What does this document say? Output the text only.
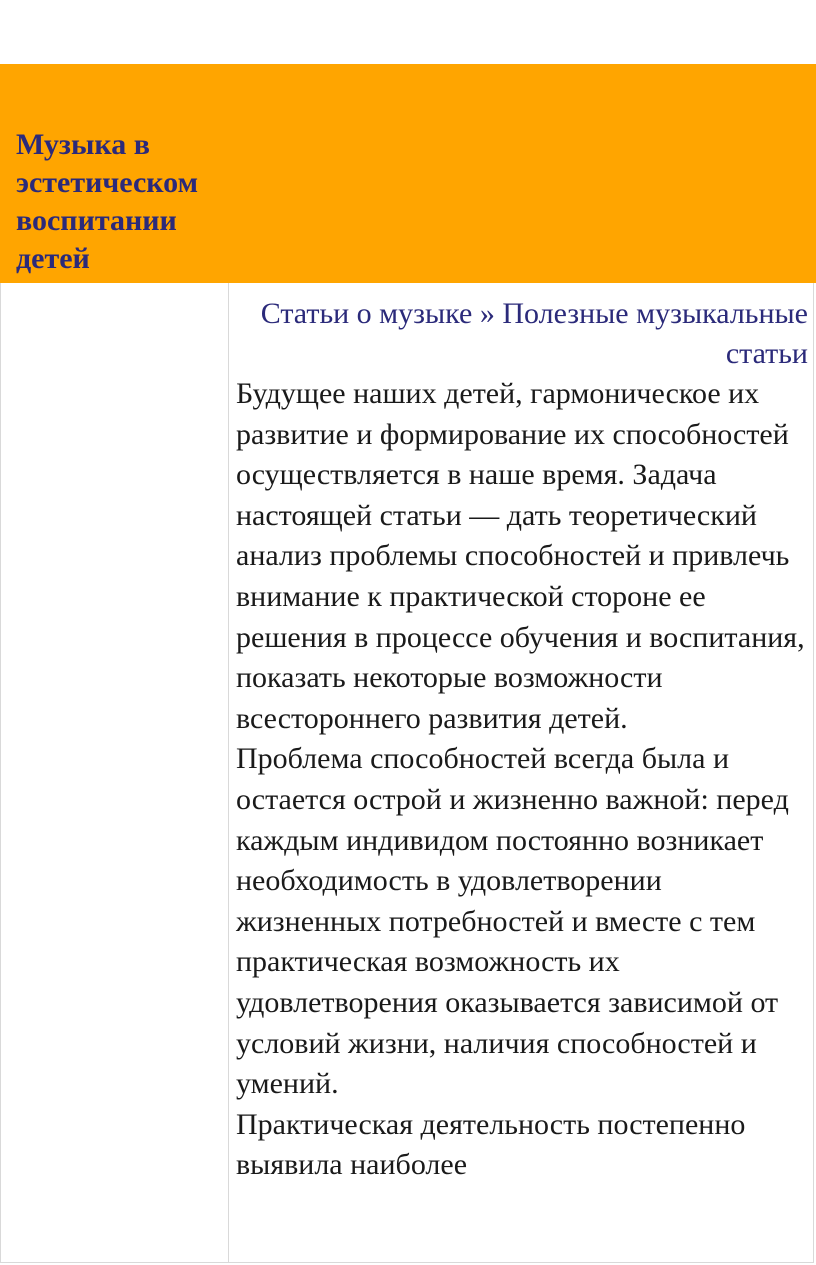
Музыка в эстетическом воспитании детей
Статьи о музыке » Полезные музыкальные статьи

Будущее наших детей, гармоническое их развитие и формирование их способностей осуществляется в наше время. Задача настоящей статьи — дать теоретический анализ проблемы способностей и привлечь внимание к практической стороне ее решения в процессе обучения и воспитания, показать некоторые возможности всестороннего развития детей.

Проблема способностей всегда была и остается острой и жизненно важной: перед каждым индивидом постоянно возникает необходимость в удовлетворении жизненных потребностей и вместе с тем практическая возможность их удовлетворения оказывается зависимой от условий жизни, наличия способностей и умений.

Практическая деятельность постепенно выявила наиболее
